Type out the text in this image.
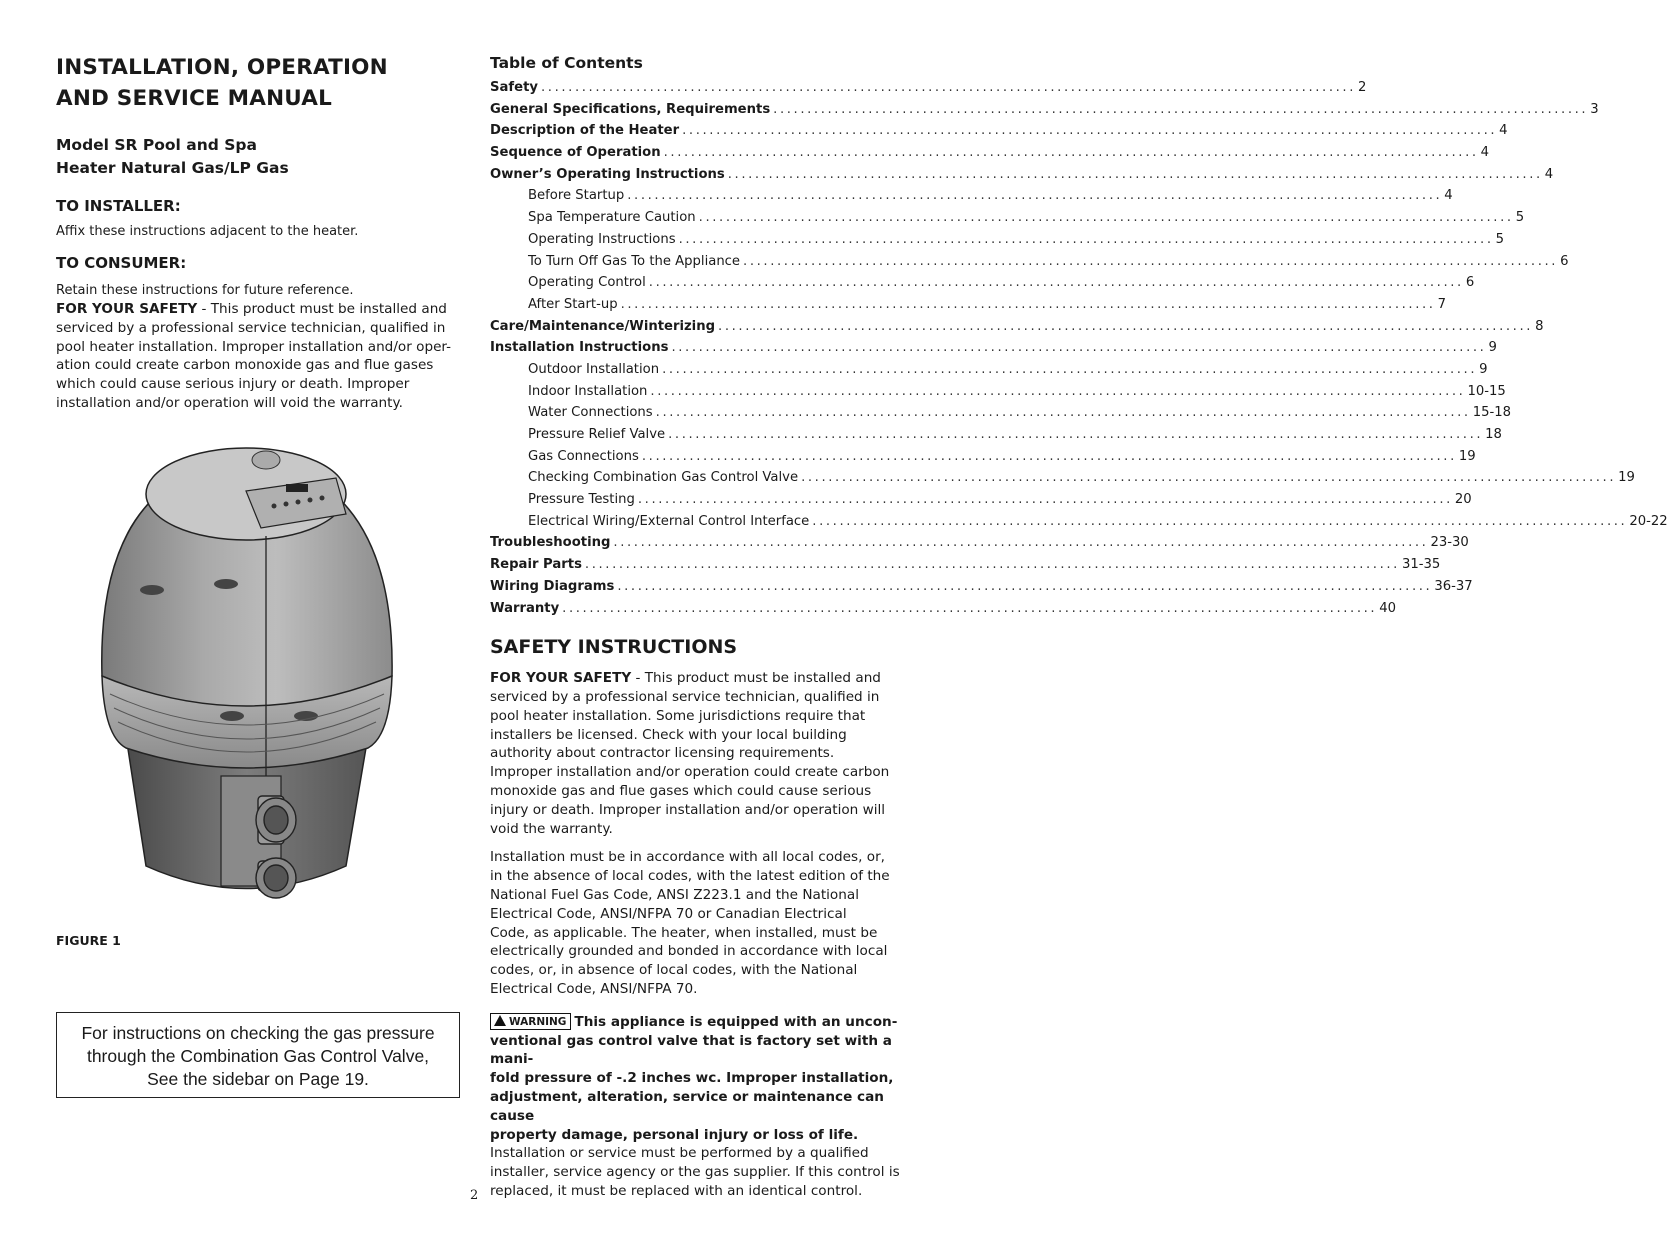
INSTALLATION, OPERATION
AND SERVICE MANUAL
Model SR Pool and Spa
Heater Natural Gas/LP Gas
TO INSTALLER:
Affix these instructions adjacent to the heater.
TO CONSUMER:
Retain these instructions for future reference.
FOR YOUR SAFETY - This product must be installed and
serviced by a professional service technician, qualified in
pool heater installation. Improper installation and/or oper-
ation could create carbon monoxide gas and flue gases
which could cause serious injury or death. Improper
installation and/or operation will void the warranty.
FIGURE 1
For instructions on checking the gas pressure
through the Combination Gas Control Valve,
See the sidebar on Page 19.
Table of Contents
Safety ........................................................................................................................ 2
General Specifications, Requirements ........................................................................................................................ 3
Description of the Heater ........................................................................................................................ 4
Sequence of Operation ........................................................................................................................ 4
Owner’s Operating Instructions ........................................................................................................................ 4
Before Startup ........................................................................................................................ 4
Spa Temperature Caution ........................................................................................................................ 5
Operating Instructions ........................................................................................................................ 5
To Turn Off Gas To the Appliance ........................................................................................................................ 6
Operating Control ........................................................................................................................ 6
After Start-up ........................................................................................................................ 7
Care/Maintenance/Winterizing ........................................................................................................................ 8
Installation Instructions ........................................................................................................................ 9
Outdoor Installation ........................................................................................................................ 9
Indoor Installation ........................................................................................................................ 10-15
Water Connections ........................................................................................................................ 15-18
Pressure Relief Valve ........................................................................................................................ 18
Gas Connections ........................................................................................................................ 19
Checking Combination Gas Control Valve ........................................................................................................................ 19
Pressure Testing ........................................................................................................................ 20
Electrical Wiring/External Control Interface ........................................................................................................................ 20-22
Troubleshooting ........................................................................................................................ 23-30
Repair Parts ........................................................................................................................ 31-35
Wiring Diagrams ........................................................................................................................ 36-37
Warranty ........................................................................................................................ 40
SAFETY INSTRUCTIONS
FOR YOUR SAFETY - This product must be installed and
serviced by a professional service technician, qualified in
pool heater installation. Some jurisdictions require that
installers be licensed. Check with your local building
authority about contractor licensing requirements.
Improper installation and/or operation could create carbon
monoxide gas and flue gases which could cause serious
injury or death. Improper installation and/or operation will
void the warranty.
Installation must be in accordance with all local codes, or,
in the absence of local codes, with the latest edition of the
National Fuel Gas Code, ANSI Z223.1 and the National
Electrical Code, ANSI/NFPA 70 or Canadian Electrical
Code, as applicable. The heater, when installed, must be
electrically grounded and bonded in accordance with local
codes, or, in absence of local codes, with the National
Electrical Code, ANSI/NFPA 70.
WARNING This appliance is equipped with an uncon-
ventional gas control valve that is factory set with a mani-
fold pressure of -.2 inches wc. Improper installation,
adjustment, alteration, service or maintenance can cause
property damage, personal injury or loss of life.
Installation or service must be performed by a qualified
installer, service agency or the gas supplier. If this control is
replaced, it must be replaced with an identical control.
2
